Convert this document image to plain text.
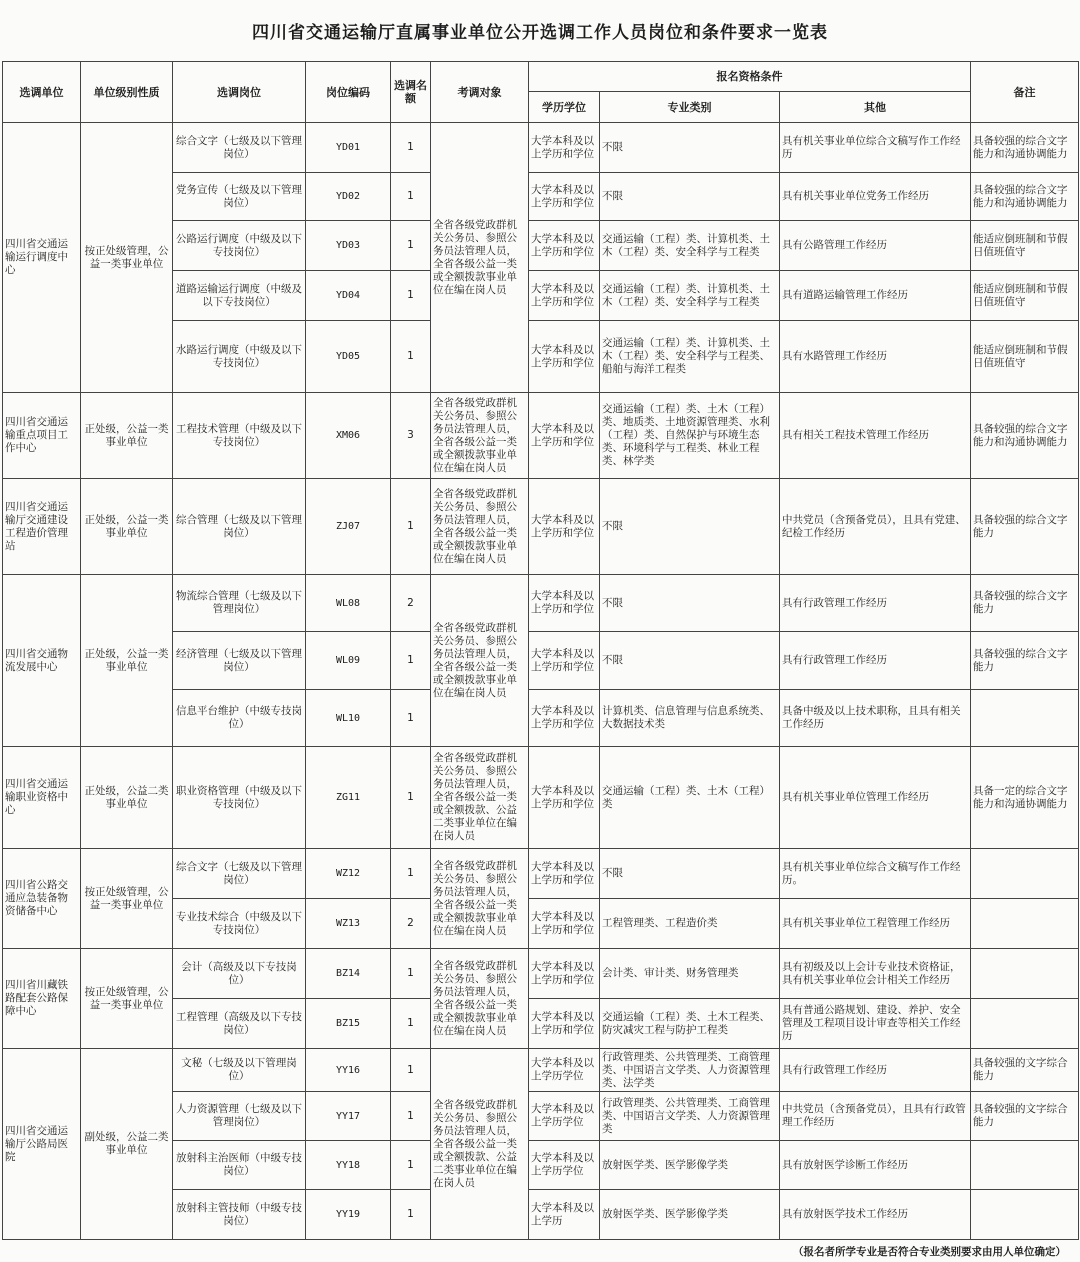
四川省交通运输厅直属事业单位公开选调工作人员岗位和条件要求一览表
选调单位	单位级别性质	选调岗位	岗位编码	选调名额	考调对象	报名资格条件			备注
						学历学位	专业类别	其他	
四川省交通运输运行调度中心	按正处级管理，公益一类事业单位	综合文字（七级及以下管理岗位）	YD01	1	全省各级党政群机关公务员、参照公务员法管理人员，全省各级公益一类或全额拨款事业单位在编在岗人员	大学本科及以上学历和学位	不限	具有机关事业单位综合文稿写作工作经历	具备较强的综合文字能力和沟通协调能力
		党务宣传（七级及以下管理岗位）	YD02	1		大学本科及以上学历和学位	不限	具有机关事业单位党务工作经历	具备较强的综合文字能力和沟通协调能力
		公路运行调度（中级及以下专技岗位）	YD03	1		大学本科及以上学历和学位	交通运输（工程）类、计算机类、土木（工程）类、安全科学与工程类	具有公路管理工作经历	能适应倒班制和节假日值班值守
		道路运输运行调度（中级及以下专技岗位）	YD04	1		大学本科及以上学历和学位	交通运输（工程）类、计算机类、土木（工程）类、安全科学与工程类	具有道路运输管理工作经历	能适应倒班制和节假日值班值守
		水路运行调度（中级及以下专技岗位）	YD05	1		大学本科及以上学历和学位	交通运输（工程）类、计算机类、土木（工程）类、安全科学与工程类、船舶与海洋工程类	具有水路管理工作经历	能适应倒班制和节假日值班值守
四川省交通运输重点项目工作中心	正处级，公益一类事业单位	工程技术管理（中级及以下专技岗位）	XM06	3	全省各级党政群机关公务员、参照公务员法管理人员，全省各级公益一类或全额拨款事业单位在编在岗人员	大学本科及以上学历和学位	交通运输（工程）类、土木（工程）类、地质类、土地资源管理类、水利（工程）类、自然保护与环境生态类、环境科学与工程类、林业工程类、林学类	具有相关工程技术管理工作经历	具备较强的综合文字能力和沟通协调能力
四川省交通运输厅交通建设工程造价管理站	正处级，公益一类事业单位	综合管理（七级及以下管理岗位）	ZJ07	1	全省各级党政群机关公务员、参照公务员法管理人员，全省各级公益一类或全额拨款事业单位在编在岗人员	大学本科及以上学历和学位	不限	中共党员（含预备党员），且具有党建、纪检工作经历	具备较强的综合文字能力
四川省交通物流发展中心	正处级，公益一类事业单位	物流综合管理（七级及以下管理岗位）	WL08	2	全省各级党政群机关公务员、参照公务员法管理人员，全省各级公益一类或全额拨款事业单位在编在岗人员	大学本科及以上学历和学位	不限	具有行政管理工作经历	具备较强的综合文字能力
		经济管理（七级及以下管理岗位）	WL09	1		大学本科及以上学历和学位	不限	具有行政管理工作经历	具备较强的综合文字能力
		信息平台维护（中级专技岗位）	WL10	1		大学本科及以上学历和学位	计算机类、信息管理与信息系统类、大数据技术类	具备中级及以上技术职称，且具有相关工作经历	
四川省交通运输职业资格中心	正处级，公益二类事业单位	职业资格管理（中级及以下专技岗位）	ZG11	1	全省各级党政群机关公务员、参照公务员法管理人员，全省各级公益一类或全额拨款、公益二类事业单位在编在岗人员	大学本科及以上学历和学位	交通运输（工程）类、土木（工程）类	具有机关事业单位管理工作经历	具备一定的综合文字能力和沟通协调能力
四川省公路交通应急装备物资储备中心	按正处级管理，公益一类事业单位	综合文字（七级及以下管理岗位）	WZ12	1	全省各级党政群机关公务员、参照公务员法管理人员，全省各级公益一类或全额拨款事业单位在编在岗人员	大学本科及以上学历和学位	不限	具有机关事业单位综合文稿写作工作经历。	
		专业技术综合（中级及以下专技岗位）	WZ13	2		大学本科及以上学历和学位	工程管理类、工程造价类	具有机关事业单位工程管理工作经历	
四川省川藏铁路配套公路保障中心	按正处级管理，公益一类事业单位	会计（高级及以下专技岗位）	BZ14	1	全省各级党政群机关公务员、参照公务员法管理人员，全省各级公益一类或全额拨款事业单位在编在岗人员	大学本科及以上学历和学位	会计类、审计类、财务管理类	具有初级及以上会计专业技术资格证，具有机关事业单位会计相关工作经历	
		工程管理（高级及以下专技岗位）	BZ15	1		大学本科及以上学历和学位	交通运输（工程）类、土木工程类、防灾减灾工程与防护工程类	具有普通公路规划、建设、养护、安全管理及工程项目设计审查等相关工作经历	
四川省交通运输厅公路局医院	副处级，公益二类事业单位	文秘（七级及以下管理岗位）	YY16	1	全省各级党政群机关公务员、参照公务员法管理人员，全省各级公益一类或全额拨款、公益二类事业单位在编在岗人员	大学本科及以上学历学位	行政管理类、公共管理类、工商管理类、中国语言文学类、人力资源管理类、法学类	具有行政管理工作经历	具备较强的文字综合能力
		人力资源管理（七级及以下管理岗位）	YY17	1		大学本科及以上学历学位	行政管理类、公共管理类、工商管理类、中国语言文学类、人力资源管理类	中共党员（含预备党员），且具有行政管理工作经历	具备较强的文字综合能力
		放射科主治医师（中级专技岗位）	YY18	1		大学本科及以上学历学位	放射医学类、医学影像学类	具有放射医学诊断工作经历	
		放射科主管技师（中级专技岗位）	YY19	1		大学本科及以上学历	放射医学类、医学影像学类	具有放射医学技术工作经历	
（报名者所学专业是否符合专业类别要求由用人单位确定）
